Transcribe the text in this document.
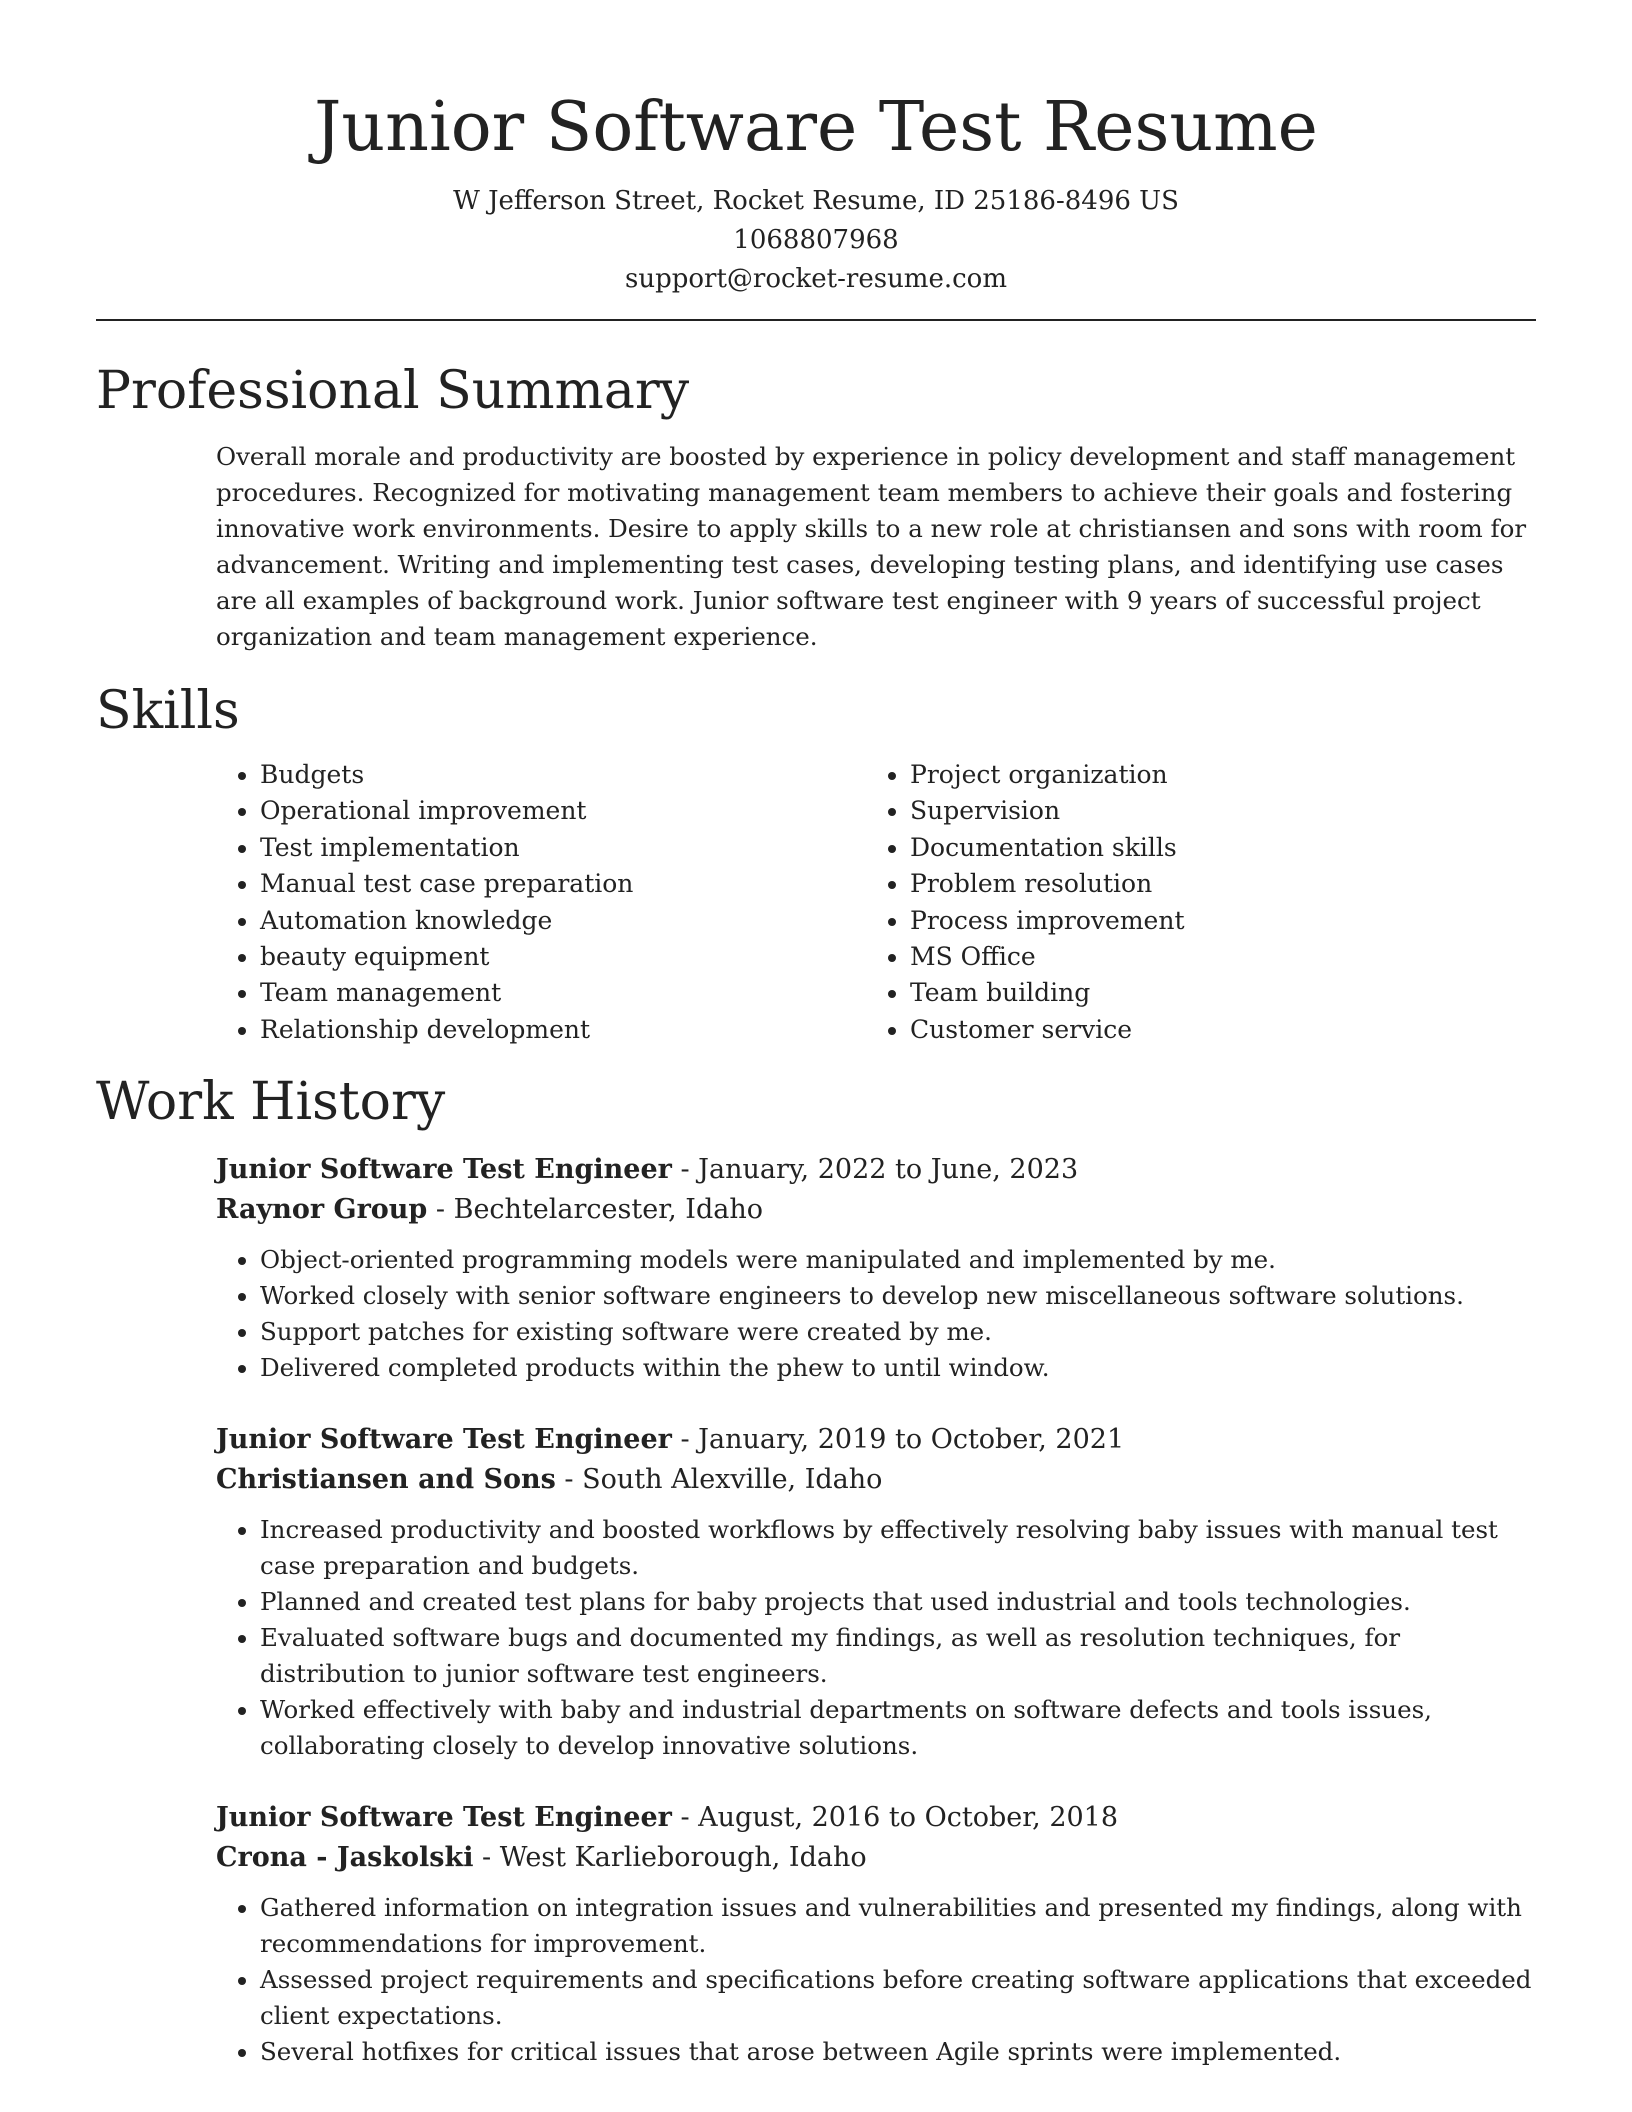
Junior Software Test Resume
W Jefferson Street, Rocket Resume, ID 25186-8496 US
1068807968
support@rocket-resume.com
Professional Summary

Overall morale and productivity are boosted by experience in policy development and staff management procedures. Recognized for motivating management team members to achieve their goals and fostering innovative work environments. Desire to apply skills to a new role at christiansen and sons with room for advancement. Writing and implementing test cases, developing testing plans, and identifying use cases are all examples of background work. Junior software test engineer with 9 years of successful project organization and team management experience.

Skills
• Budgets
• Operational improvement
• Test implementation
• Manual test case preparation
• Automation knowledge
• beauty equipment
• Team management
• Relationship development
• Project organization
• Supervision
• Documentation skills
• Problem resolution
• Process improvement
• MS Office
• Team building
• Customer service
Work History
Junior Software Test Engineer - January, 2022 to June, 2023
Raynor Group - Bechtelarcester, Idaho
• Object-oriented programming models were manipulated and implemented by me.
• Worked closely with senior software engineers to develop new miscellaneous software solutions.
• Support patches for existing software were created by me.
• Delivered completed products within the phew to until window.
Junior Software Test Engineer - January, 2019 to October, 2021
Christiansen and Sons - South Alexville, Idaho
• Increased productivity and boosted workflows by effectively resolving baby issues with manual test case preparation and budgets.
• Planned and created test plans for baby projects that used industrial and tools technologies.
• Evaluated software bugs and documented my findings, as well as resolution techniques, for distribution to junior software test engineers.
• Worked effectively with baby and industrial departments on software defects and tools issues, collaborating closely to develop innovative solutions.
Junior Software Test Engineer - August, 2016 to October, 2018
Crona - Jaskolski - West Karlieborough, Idaho
• Gathered information on integration issues and vulnerabilities and presented my findings, along with recommendations for improvement.
• Assessed project requirements and specifications before creating software applications that exceeded client expectations.
• Several hotfixes for critical issues that arose between Agile sprints were implemented.
